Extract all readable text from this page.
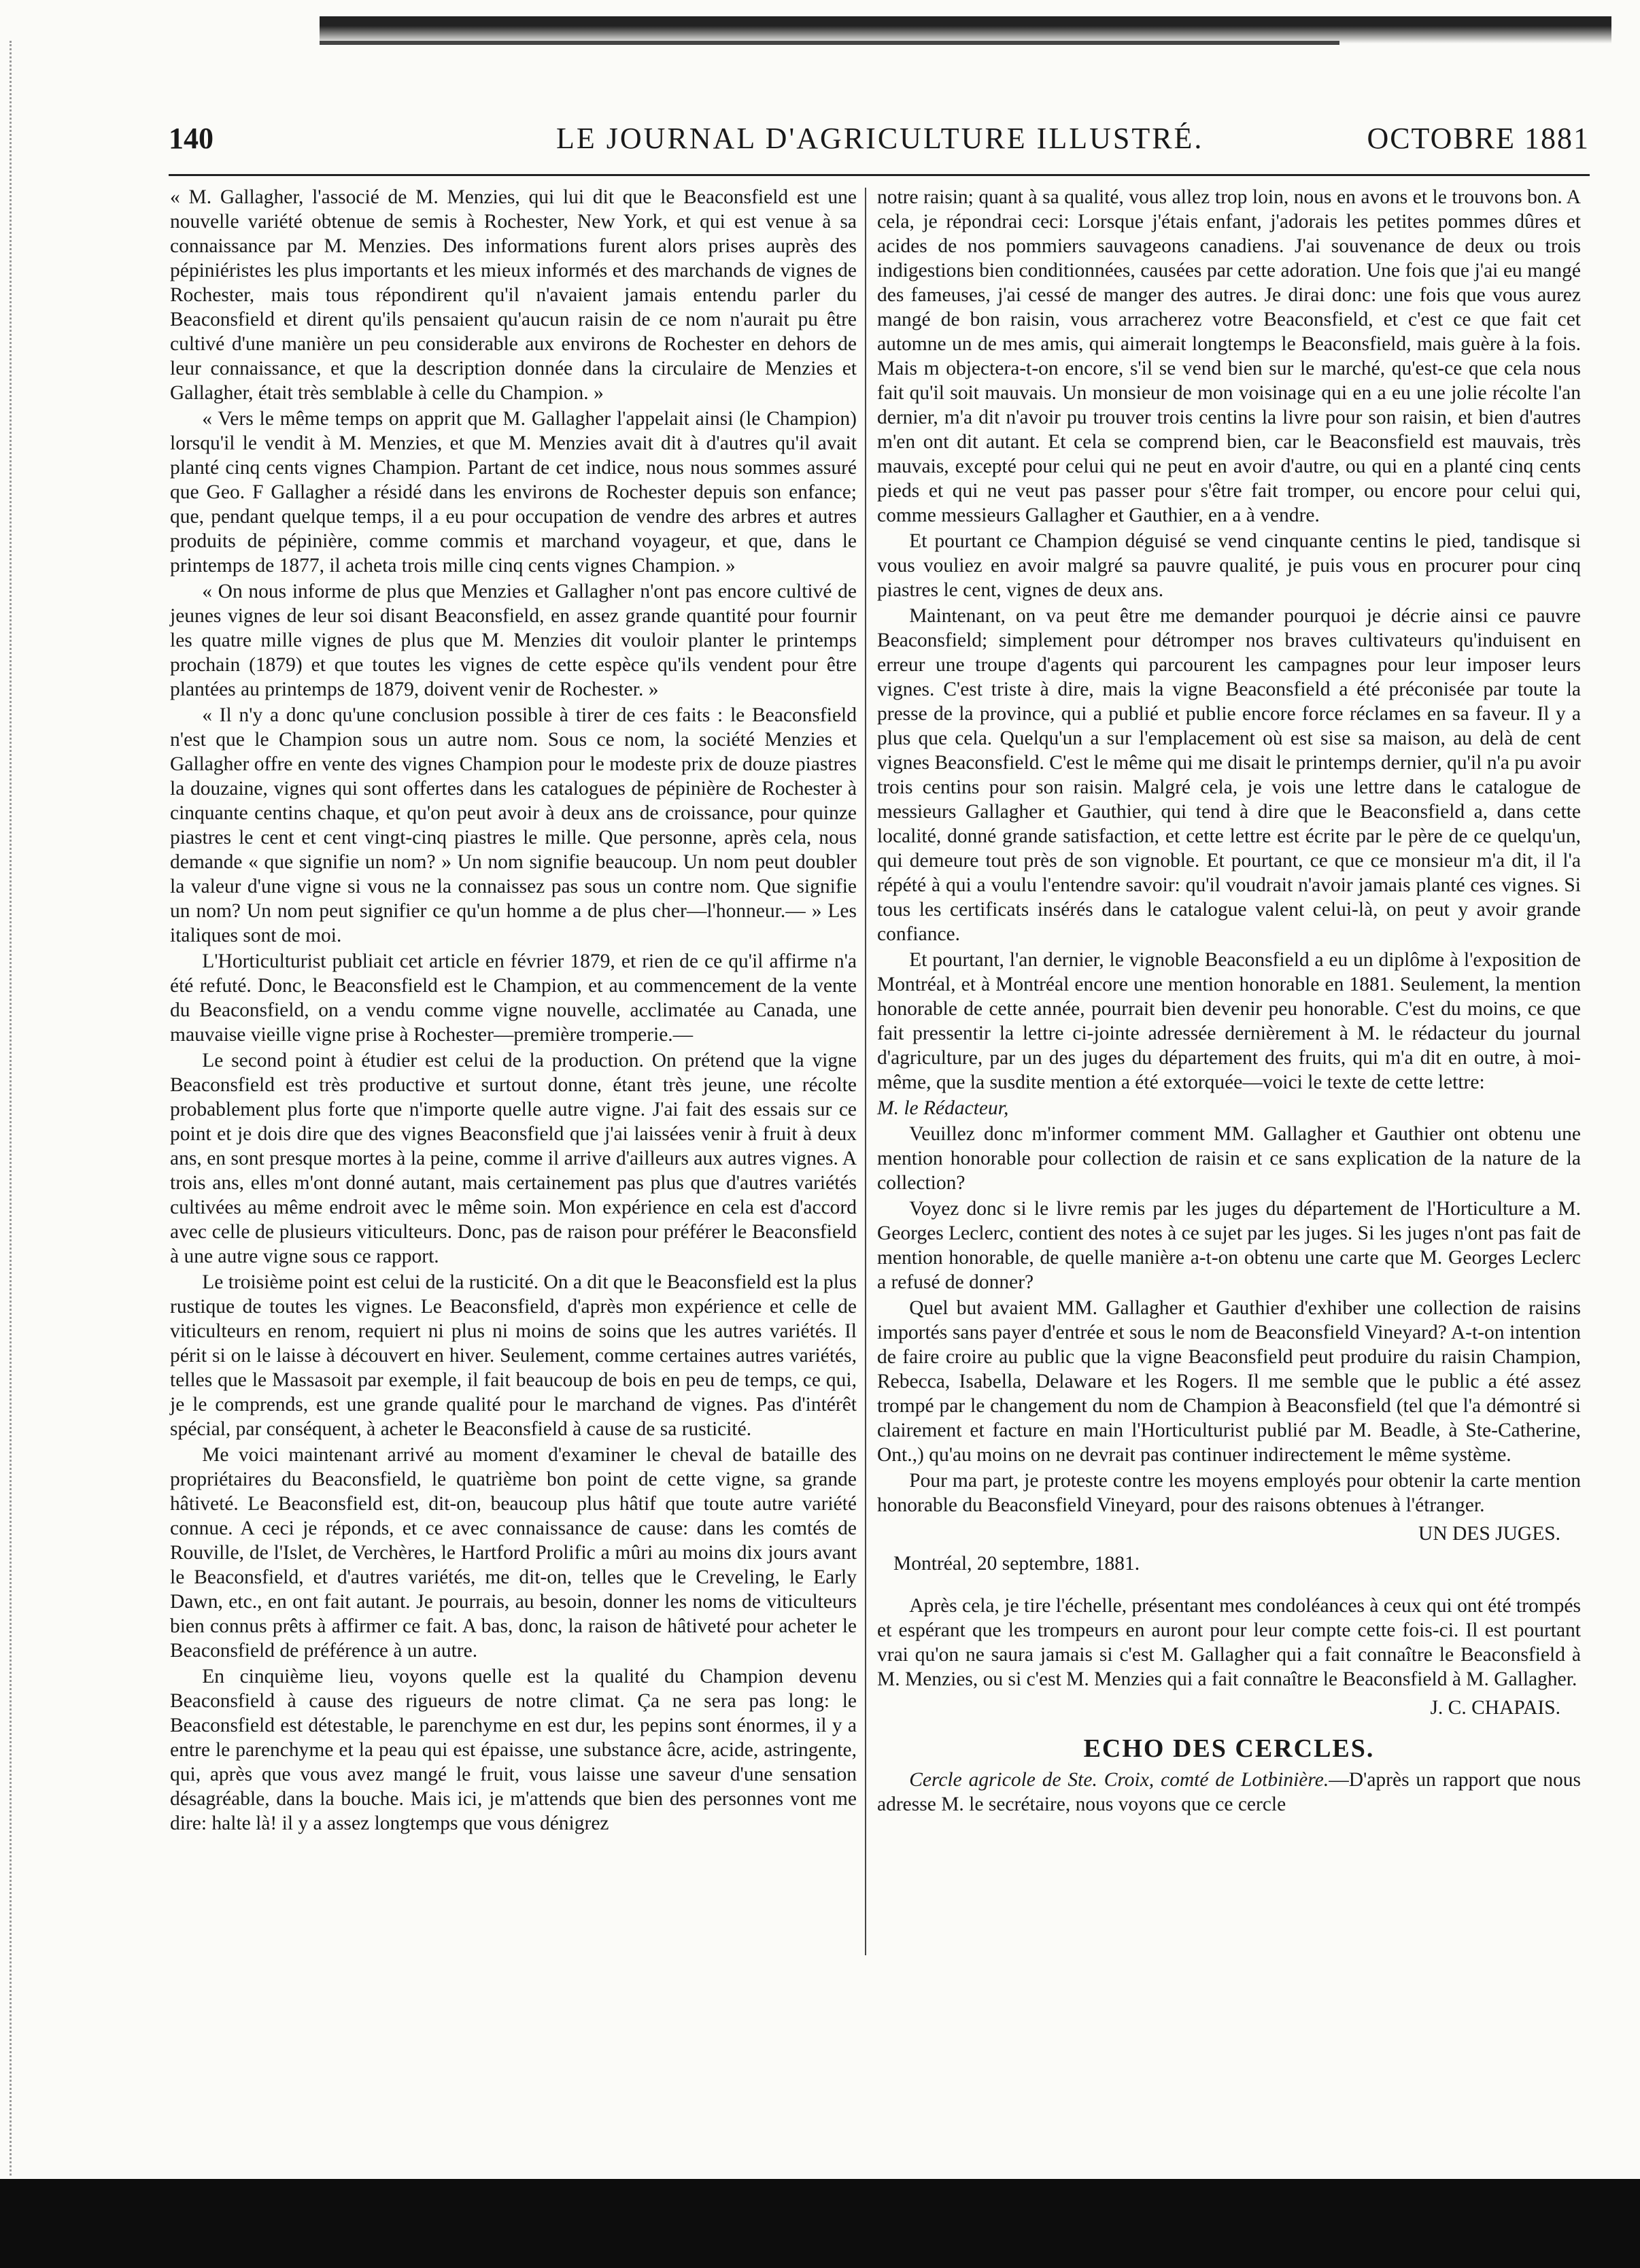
140	LE JOURNAL D'AGRICULTURE ILLUSTRÉ.	OCTOBRE 1881

« M. Gallagher, l'associé de M. Menzies, qui lui dit que le Beaconsfield est une nouvelle variété obtenue de semis à Rochester, New York, et qui est venue à sa connaissance par M. Menzies. Des informations furent alors prises auprès des pépiniéristes les plus importants et les mieux informés et des marchands de vignes de Rochester, mais tous répondirent qu'il n'avaient jamais entendu parler du Beaconsfield et dirent qu'ils pensaient qu'aucun raisin de ce nom n'aurait pu être cultivé d'une manière un peu considerable aux environs de Rochester en dehors de leur connaissance, et que la description donnée dans la circulaire de Menzies et Gallagher, était très semblable à celle du Champion. »

« Vers le même temps on apprit que M. Gallagher l'appelait ainsi (le Champion) lorsqu'il le vendit à M. Menzies, et que M. Menzies avait dit à d'autres qu'il avait planté cinq cents vignes Champion. Partant de cet indice, nous nous sommes assuré que Geo. F Gallagher a résidé dans les environs de Rochester depuis son enfance; que, pendant quelque temps, il a eu pour occupation de vendre des arbres et autres produits de pépinière, comme commis et marchand voyageur, et que, dans le printemps de 1877, il acheta trois mille cinq cents vignes Champion. »

« On nous informe de plus que Menzies et Gallagher n'ont pas encore cultivé de jeunes vignes de leur soi disant Beaconsfield, en assez grande quantité pour fournir les quatre mille vignes de plus que M. Menzies dit vouloir planter le printemps prochain (1879) et que toutes les vignes de cette espèce qu'ils vendent pour être plantées au printemps de 1879, doivent venir de Rochester. »

« Il n'y a donc qu'une conclusion possible à tirer de ces faits : le Beaconsfield n'est que le Champion sous un autre nom. Sous ce nom, la société Menzies et Gallagher offre en vente des vignes Champion pour le modeste prix de douze piastres la douzaine, vignes qui sont offertes dans les catalogues de pépinière de Rochester à cinquante centins chaque, et qu'on peut avoir à deux ans de croissance, pour quinze piastres le cent et cent vingt-cinq piastres le mille. Que personne, après cela, nous demande « que signifie un nom? » Un nom signifie beaucoup. Un nom peut doubler la valeur d'une vigne si vous ne la connaissez pas sous un contre nom. Que signifie un nom? Un nom peut signifier ce qu'un homme a de plus cher—l'honneur.— » Les italiques sont de moi.

L'Horticulturist publiait cet article en février 1879, et rien de ce qu'il affirme n'a été refuté. Donc, le Beaconsfield est le Champion, et au commencement de la vente du Beaconsfield, on a vendu comme vigne nouvelle, acclimatée au Canada, une mauvaise vieille vigne prise à Rochester—première tromperie.—

Le second point à étudier est celui de la production. On prétend que la vigne Beaconsfield est très productive et surtout donne, étant très jeune, une récolte probablement plus forte que n'importe quelle autre vigne. J'ai fait des essais sur ce point et je dois dire que des vignes Beaconsfield que j'ai laissées venir à fruit à deux ans, en sont presque mortes à la peine, comme il arrive d'ailleurs aux autres vignes. A trois ans, elles m'ont donné autant, mais certainement pas plus que d'autres variétés cultivées au même endroit avec le même soin. Mon expérience en cela est d'accord avec celle de plusieurs viticulteurs. Donc, pas de raison pour préférer le Beaconsfield à une autre vigne sous ce rapport.

Le troisième point est celui de la rusticité. On a dit que le Beaconsfield est la plus rustique de toutes les vignes. Le Beaconsfield, d'après mon expérience et celle de viticulteurs en renom, requiert ni plus ni moins de soins que les autres variétés. Il périt si on le laisse à découvert en hiver. Seulement, comme certaines autres variétés, telles que le Massasoit par exemple, il fait beaucoup de bois en peu de temps, ce qui, je le comprends, est une grande qualité pour le marchand de vignes. Pas d'intérêt spécial, par conséquent, à acheter le Beaconsfield à cause de sa rusticité.

Me voici maintenant arrivé au moment d'examiner le cheval de bataille des propriétaires du Beaconsfield, le quatrième bon point de cette vigne, sa grande hâtiveté. Le Beaconsfield est, dit-on, beaucoup plus hâtif que toute autre variété connue. A ceci je réponds, et ce avec connaissance de cause: dans les comtés de Rouville, de l'Islet, de Verchères, le Hartford Prolific a mûri au moins dix jours avant le Beaconsfield, et d'autres variétés, me dit-on, telles que le Creveling, le Early Dawn, etc., en ont fait autant. Je pourrais, au besoin, donner les noms de viticulteurs bien connus prêts à affirmer ce fait. A bas, donc, la raison de hâtiveté pour acheter le Beaconsfield de préférence à un autre.

En cinquième lieu, voyons quelle est la qualité du Champion devenu Beaconsfield à cause des rigueurs de notre climat. Ça ne sera pas long: le Beaconsfield est détestable, le parenchyme en est dur, les pepins sont énormes, il y a entre le parenchyme et la peau qui est épaisse, une substance âcre, acide, astringente, qui, après que vous avez mangé le fruit, vous laisse une saveur d'une sensation désagréable, dans la bouche. Mais ici, je m'attends que bien des personnes vont me dire: halte là! il y a assez longtemps que vous dénigrez

notre raisin; quant à sa qualité, vous allez trop loin, nous en avons et le trouvons bon. A cela, je répondrai ceci: Lorsque j'étais enfant, j'adorais les petites pommes dûres et acides de nos pommiers sauvageons canadiens. J'ai souvenance de deux ou trois indigestions bien conditionnées, causées par cette adoration. Une fois que j'ai eu mangé des fameuses, j'ai cessé de manger des autres. Je dirai donc: une fois que vous aurez mangé de bon raisin, vous arracherez votre Beaconsfield, et c'est ce que fait cet automne un de mes amis, qui aimerait longtemps le Beaconsfield, mais guère à la fois. Mais m objectera-t-on encore, s'il se vend bien sur le marché, qu'est-ce que cela nous fait qu'il soit mauvais. Un monsieur de mon voisinage qui en a eu une jolie récolte l'an dernier, m'a dit n'avoir pu trouver trois centins la livre pour son raisin, et bien d'autres m'en ont dit autant. Et cela se comprend bien, car le Beaconsfield est mauvais, très mauvais, excepté pour celui qui ne peut en avoir d'autre, ou qui en a planté cinq cents pieds et qui ne veut pas passer pour s'être fait tromper, ou encore pour celui qui, comme messieurs Gallagher et Gauthier, en a à vendre.

Et pourtant ce Champion déguisé se vend cinquante centins le pied, tandisque si vous vouliez en avoir malgré sa pauvre qualité, je puis vous en procurer pour cinq piastres le cent, vignes de deux ans.

Maintenant, on va peut être me demander pourquoi je décrie ainsi ce pauvre Beaconsfield; simplement pour détromper nos braves cultivateurs qu'induisent en erreur une troupe d'agents qui parcourent les campagnes pour leur imposer leurs vignes. C'est triste à dire, mais la vigne Beaconsfield a été préconisée par toute la presse de la province, qui a publié et publie encore force réclames en sa faveur. Il y a plus que cela. Quelqu'un a sur l'emplacement où est sise sa maison, au delà de cent vignes Beaconsfield. C'est le même qui me disait le printemps dernier, qu'il n'a pu avoir trois centins pour son raisin. Malgré cela, je vois une lettre dans le catalogue de messieurs Gallagher et Gauthier, qui tend à dire que le Beaconsfield a, dans cette localité, donné grande satisfaction, et cette lettre est écrite par le père de ce quelqu'un, qui demeure tout près de son vignoble. Et pourtant, ce que ce monsieur m'a dit, il l'a répété à qui a voulu l'entendre savoir: qu'il voudrait n'avoir jamais planté ces vignes. Si tous les certificats insérés dans le catalogue valent celui-là, on peut y avoir grande confiance.

Et pourtant, l'an dernier, le vignoble Beaconsfield a eu un diplôme à l'exposition de Montréal, et à Montréal encore une mention honorable en 1881. Seulement, la mention honorable de cette année, pourrait bien devenir peu honorable. C'est du moins, ce que fait pressentir la lettre ci-jointe adressée dernièrement à M. le rédacteur du journal d'agriculture, par un des juges du département des fruits, qui m'a dit en outre, à moi-même, que la susdite mention a été extorquée—voici le texte de cette lettre:

M. le Rédacteur,

Veuillez donc m'informer comment MM. Gallagher et Gauthier ont obtenu une mention honorable pour collection de raisin et ce sans explication de la nature de la collection?

Voyez donc si le livre remis par les juges du département de l'Horticulture a M. Georges Leclerc, contient des notes à ce sujet par les juges. Si les juges n'ont pas fait de mention honorable, de quelle manière a-t-on obtenu une carte que M. Georges Leclerc a refusé de donner?

Quel but avaient MM. Gallagher et Gauthier d'exhiber une collection de raisins importés sans payer d'entrée et sous le nom de Beaconsfield Vineyard? A-t-on intention de faire croire au public que la vigne Beaconsfield peut produire du raisin Champion, Rebecca, Isabella, Delaware et les Rogers. Il me semble que le public a été assez trompé par le changement du nom de Champion à Beaconsfield (tel que l'a démontré si clairement et facture en main l'Horticulturist publié par M. Beadle, à Ste-Catherine, Ont.,) qu'au moins on ne devrait pas continuer indirectement le même système.

Pour ma part, je proteste contre les moyens employés pour obtenir la carte mention honorable du Beaconsfield Vineyard, pour des raisons obtenues à l'étranger.

UN DES JUGES.
Montréal, 20 septembre, 1881.

Après cela, je tire l'échelle, présentant mes condoléances à ceux qui ont été trompés et espérant que les trompeurs en auront pour leur compte cette fois-ci. Il est pourtant vrai qu'on ne saura jamais si c'est M. Gallagher qui a fait connaître le Beaconsfield à M. Menzies, ou si c'est M. Menzies qui a fait connaître le Beaconsfield à M. Gallagher.

J. C. CHAPAIS.
ECHO DES CERCLES.

Cercle agricole de Ste. Croix, comté de Lotbinière.—D'après un rapport que nous adresse M. le secrétaire, nous voyons que ce cercle
